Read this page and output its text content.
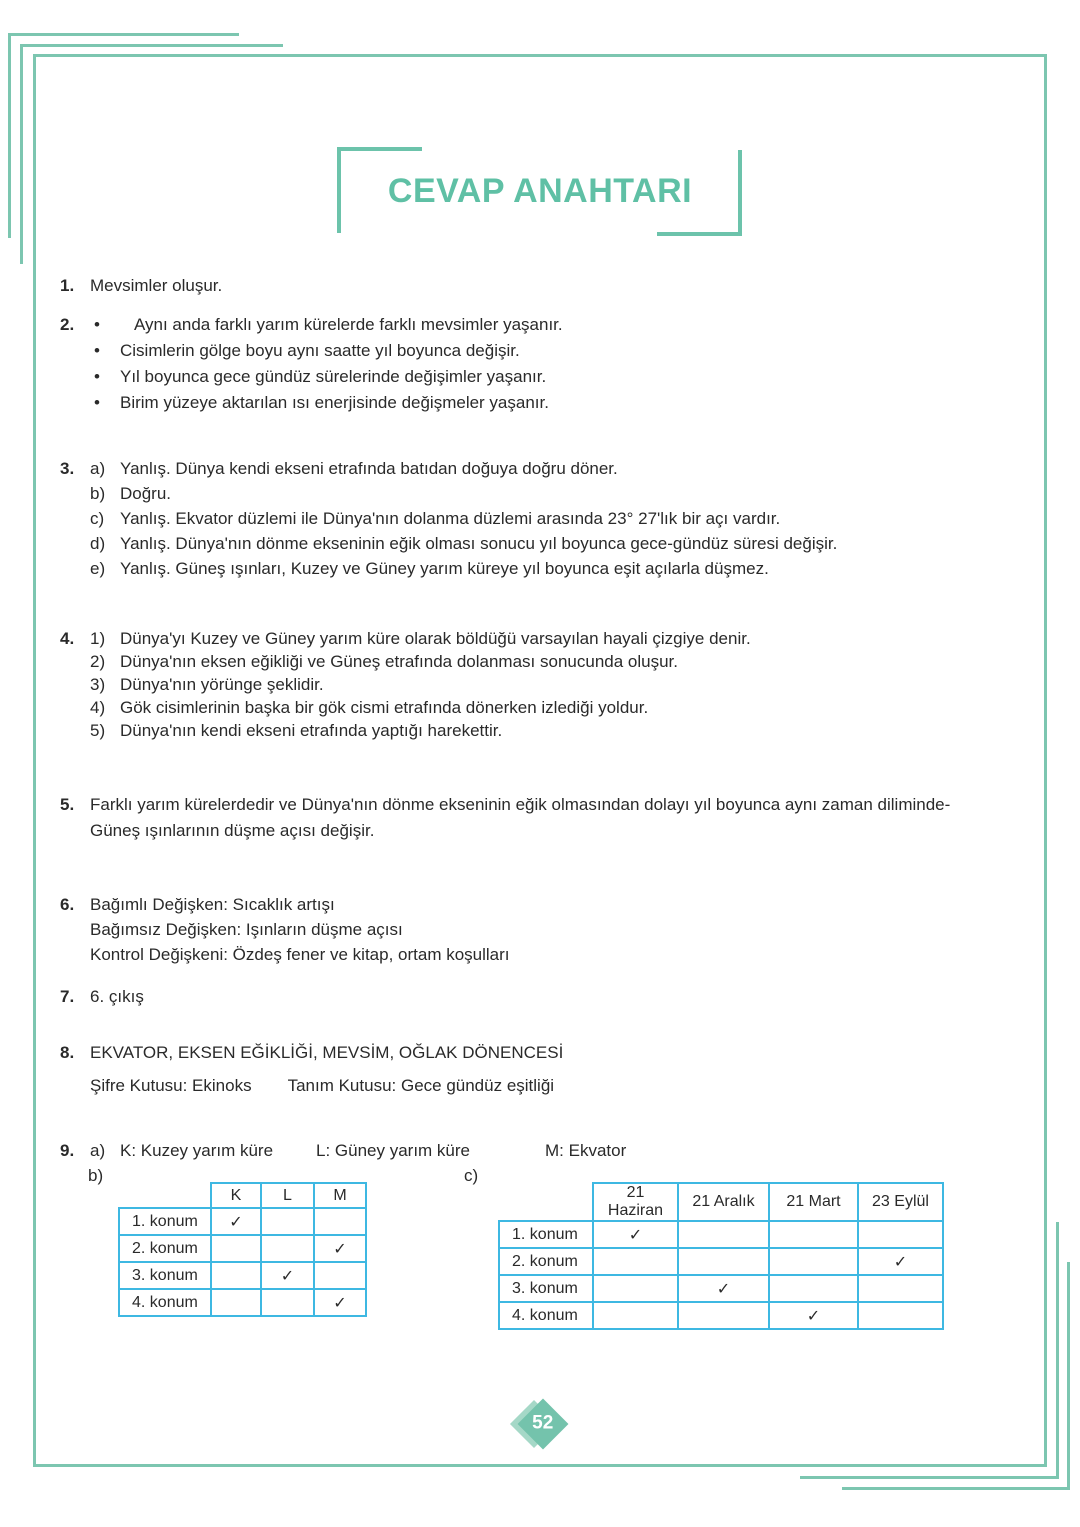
CEVAP ANAHTARI
1. Mevsimler oluşur.
2.	•	Aynı anda farklı yarım kürelerde farklı mevsimler yaşanır.
•	Cisimlerin gölge boyu aynı saatte yıl boyunca değişir.
•	Yıl boyunca gece gündüz sürelerinde değişimler yaşanır.
•	Birim yüzeye aktarılan ısı enerjisinde değişmeler yaşanır.
3. a) Yanlış. Dünya kendi ekseni etrafında batıdan doğuya doğru döner.
b) Doğru.
c) Yanlış. Ekvator düzlemi ile Dünya'nın dolanma düzlemi arasında 23° 27'lık bir açı vardır.
d) Yanlış. Dünya'nın dönme ekseninin eğik olması sonucu yıl boyunca gece-gündüz süresi değişir.
e) Yanlış. Güneş ışınları, Kuzey ve Güney yarım küreye yıl boyunca eşit açılarla düşmez.
4. 1) Dünya'yı Kuzey ve Güney yarım küre olarak böldüğü varsayılan hayali çizgiye denir.
2) Dünya'nın eksen eğikliği ve Güneş etrafında dolanması sonucunda oluşur.
3) Dünya'nın yörünge şeklidir.
4) Gök cisimlerinin başka bir gök cismi etrafında dönerken izlediği yoldur.
5) Dünya'nın kendi ekseni etrafında yaptığı harekettir.
5. Farklı yarım kürelerdedir ve Dünya'nın dönme ekseninin eğik olmasından dolayı yıl boyunca aynı zaman diliminde-
Güneş ışınlarının düşme açısı değişir.
6. Bağımlı Değişken: Sıcaklık artışı
Bağımsız Değişken: Işınların düşme açısı
Kontrol Değişkeni: Özdeş fener ve kitap, ortam koşulları
7. 6. çıkış
8. EKVATOR, EKSEN EĞİKLİĞİ, MEVSİM, OĞLAK DÖNENCESİ
Şifre Kutusu: Ekinoks Tanım Kutusu: Gece gündüz eşitliği
9. a) K: Kuzey yarım küre	L: Güney yarım küre	M: Ekvator
b)	c)
	K	L	M
1. konum	✓		
2. konum			✓
3. konum		✓	
4. konum			✓
	21 Haziran	21 Aralık	21 Mart	23 Eylül
1. konum	✓			
2. konum				✓
3. konum		✓		
4. konum			✓	
52
